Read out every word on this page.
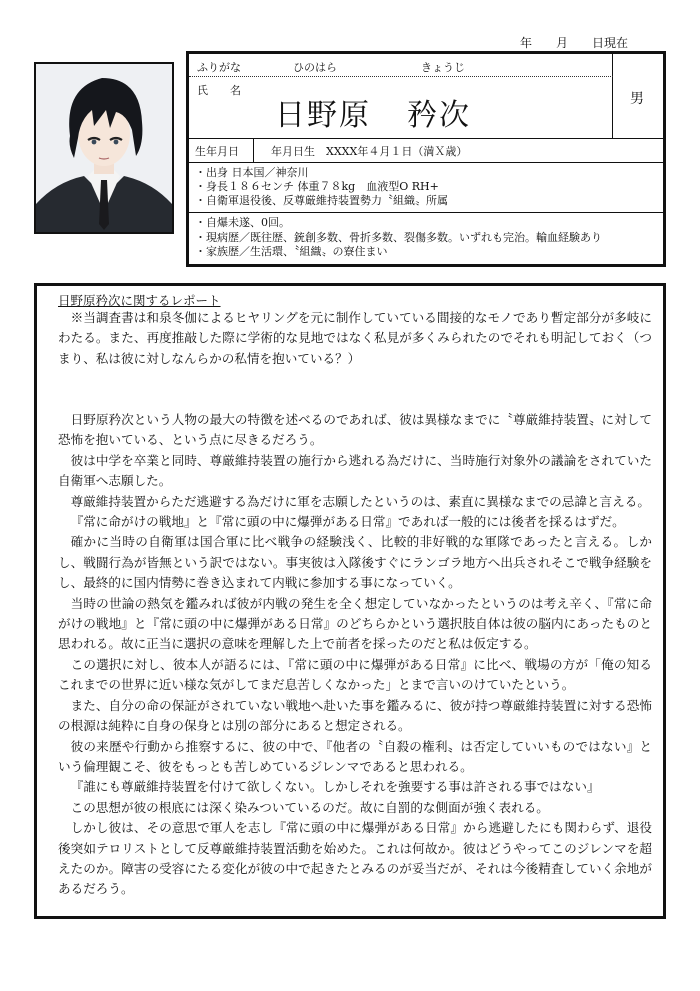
年　　月　　日現在
男
ふりがな	ひのはら	きょうじ
氏　　名
日野原 矜次
生年月日	年月日生　XXXX年４月１日（満Ｘ歳）
・出身 日本国／神奈川
・身長１８６センチ 体重７８kg　血液型O RH+
・自衛軍退役後、反尊厳維持装置勢力〝組織〟所属
・自爆未遂、0回。
・現病歴／既往歴、銃創多数、骨折多数、裂傷多数。いずれも完治。輸血経験あり
・家族歴／生活環、〝組織〟の寮住まい
日野原矜次に関するレポート

※当調査書は和泉冬伽によるヒヤリングを元に制作していている間接的なモノであり暫定部分が多岐にわたる。また、再度推敲した際に学術的な見地ではなく私見が多くみられたのでそれも明記しておく（つまり、私は彼に対しなんらかの私情を抱いている？）

日野原矜次という人物の最大の特徴を述べるのであれば、彼は異様なまでに〝尊厳維持装置〟に対して恐怖を抱いている、という点に尽きるだろう。

彼は中学を卒業と同時、尊厳維持装置の施行から逃れる為だけに、当時施行対象外の議論をされていた自衛軍へ志願した。

尊厳維持装置からただ逃避する為だけに軍を志願したというのは、素直に異様なまでの忌諱と言える。

『常に命がけの戦地』と『常に頭の中に爆弾がある日常』であれば一般的には後者を採るはずだ。

確かに当時の自衛軍は国合軍に比べ戦争の経験浅く、比較的非好戦的な軍隊であったと言える。しかし、戦闘行為が皆無という訳ではない。事実彼は入隊後すぐにランゴラ地方へ出兵されそこで戦争経験をし、最終的に国内情勢に巻き込まれて内戦に参加する事になっていく。

当時の世論の熱気を鑑みれば彼が内戦の発生を全く想定していなかったというのは考え辛く、『常に命がけの戦地』と『常に頭の中に爆弾がある日常』のどちらかという選択肢自体は彼の脳内にあったものと思われる。故に正当に選択の意味を理解した上で前者を採ったのだと私は仮定する。

この選択に対し、彼本人が語るには、『常に頭の中に爆弾がある日常』に比べ、戦場の方が「俺の知るこれまでの世界に近い様な気がしてまだ息苦しくなかった」とまで言いのけていたという。

また、自分の命の保証がされていない戦地へ赴いた事を鑑みるに、彼が持つ尊厳維持装置に対する恐怖の根源は純粋に自身の保身とは別の部分にあると想定される。

彼の来歴や行動から推察するに、彼の中で、『他者の〝自殺の権利〟は否定していいものではない』という倫理観こそ、彼をもっとも苦しめているジレンマであると思われる。

『誰にも尊厳維持装置を付けて欲しくない。しかしそれを強要する事は許される事ではない』

この思想が彼の根底には深く染みついているのだ。故に自罰的な側面が強く表れる。

しかし彼は、その意思で軍人を志し『常に頭の中に爆弾がある日常』から逃避したにも関わらず、退役後突如テロリストとして反尊厳維持装置活動を始めた。これは何故か。彼はどうやってこのジレンマを超えたのか。障害の受容にたる変化が彼の中で起きたとみるのが妥当だが、それは今後精査していく余地があるだろう。
